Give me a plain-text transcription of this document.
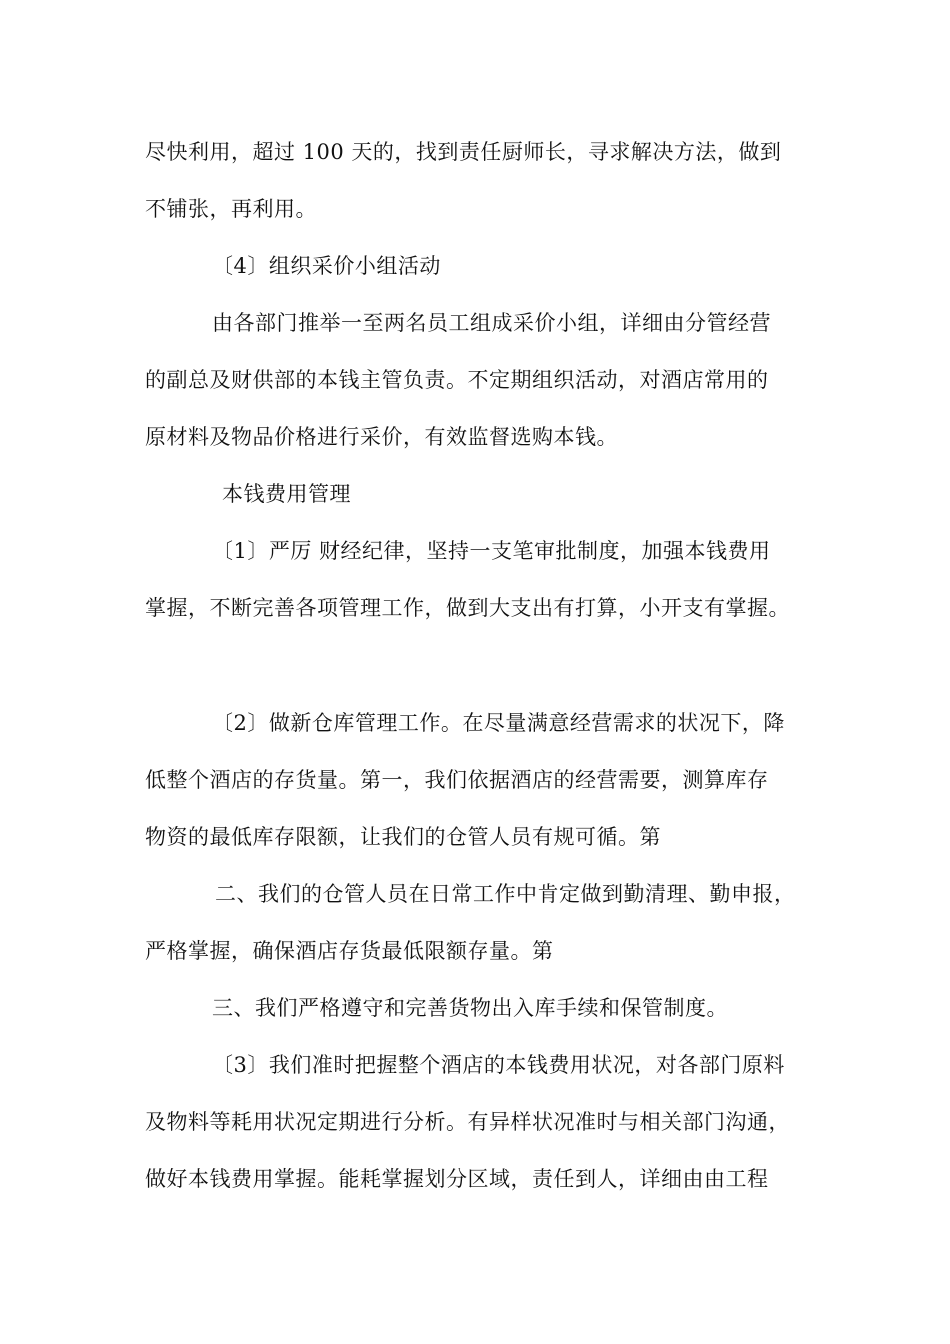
尽快利用，超过 100 天的，找到责任厨师长，寻求解决方法，做到
不铺张，再利用。
〔4〕组织采价小组活动
由各部门推举一至两名员工组成采价小组，详细由分管经营
的副总及财供部的本钱主管负责。不定期组织活动，对酒店常用的
原材料及物品价格进行采价，有效监督选购本钱。
本钱费用管理
〔1〕严厉 财经纪律，坚持一支笔审批制度，加强本钱费用
掌握，不断完善各项管理工作，做到大支出有打算，小开支有掌握。
〔2〕做新仓库管理工作。在尽量满意经营需求的状况下，降
低整个酒店的存货量。第一，我们依据酒店的经营需要，测算库存
物资的最低库存限额，让我们的仓管人员有规可循。第
二、我们的仓管人员在日常工作中肯定做到勤清理、勤申报，
严格掌握，确保酒店存货最低限额存量。第
三、我们严格遵守和完善货物出入库手续和保管制度。
〔3〕我们准时把握整个酒店的本钱费用状况，对各部门原料
及物料等耗用状况定期进行分析。有异样状况准时与相关部门沟通，
做好本钱费用掌握。能耗掌握划分区域，责任到人，详细由由工程
